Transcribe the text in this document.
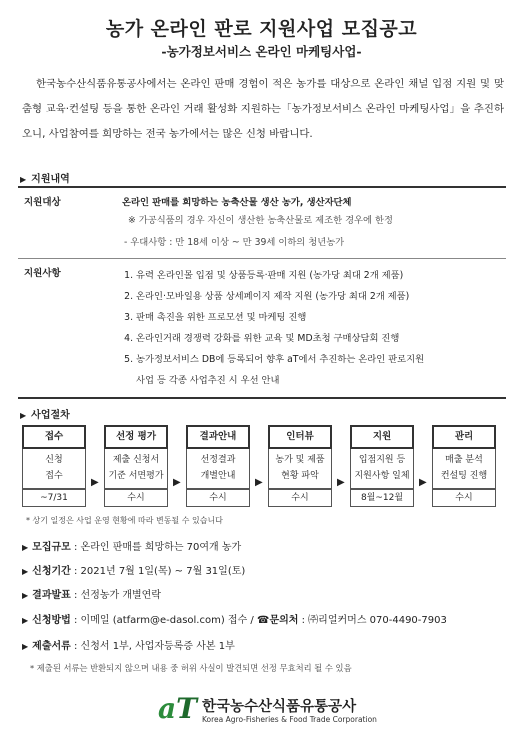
농가 온라인 판로 지원사업 모집공고
-농가정보서비스 온라인 마케팅사업-
한국농수산식품유통공사에서는 온라인 판매 경험이 적은 농가를 대상으로 온라인 채널 입점 지원 및 맞춤형 교육·컨설팅 등을 통한 온라인 거래 활성화 지원하는「농가정보서비스 온라인 마케팅사업」을 추진하오니, 사업참여를 희망하는 전국 농가에서는 많은 신청 바랍니다.
▶ 지원내역
지원대상	온라인 판매를 희망하는 농축산물 생산 농가, 생산자단체
※ 가공식품의 경우 자신이 생산한 농축산물로 제조한 경우에 한정
- 우대사항 : 만 18세 이상 ~ 만 39세 이하의 청년농가
지원사항
1.	유력 온라인몰 입점 및 상품등록·판매 지원 (농가당 최대 2개 제품)
2. 온라인·모바일용 상품 상세페이지 제작 지원 (농가당 최대 2개 제품)
3. 판매 촉진을 위한 프로모션 및 마케팅 진행
4. 온라인거래 경쟁력 강화를 위한 교육 및 MD초청 구매상담회 진행
5. 농가정보서비스 DB에 등록되어 향후 aT에서 추진하는 온라인 판로지원
사업 등 각종 사업추진 시 우선 안내
▶ 사업절차
접수
신청
접수
~7/31
▶
선정 평가
제출 신청서
기준 서면평가
수시
▶
결과안내
선정결과
개별안내
수시
▶
인터뷰
농가 및 제품
현황 파악
수시
▶
지원
입점지원 등
지원사항 일체
8월~12월
▶
관리
매출 분석
컨설팅 진행
수시
* 상기 일정은 사업 운영 현황에 따라 변동될 수 있습니다
▶ 모집규모 : 온라인 판매를 희망하는 70여개 농가
▶ 신청기간 : 2021년 7월 1일(목) ~ 7월 31일(토)
▶ 결과발표 : 선정농가 개별연락
▶ 신청방법 : 이메일 (atfarm@e-dasol.com) 접수 / ☎문의처 : ㈜리얼커머스 070-4490-7903
▶ 제출서류 : 신청서 1부, 사업자등록증 사본 1부
* 제출된 서류는 반환되지 않으며 내용 중 허위 사실이 발견되면 선정 무효처리 될 수 있음
aT 한국농수산식품유통공사
Korea Agro-Fisheries & Food Trade Corporation
